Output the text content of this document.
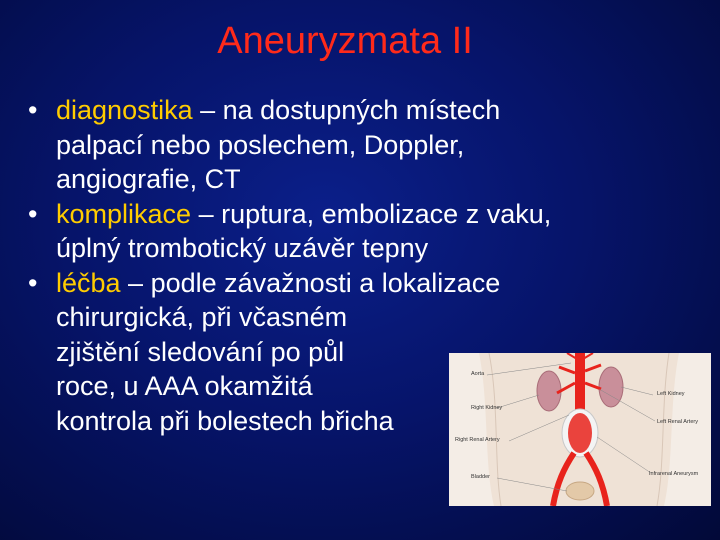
Aneuryzmata II
• diagnostika – na dostupných místech
palpací nebo poslechem, Doppler,
angiografie, CT
• komplikace – ruptura, embolizace z vaku,
úplný trombotický uzávěr tepny
• léčba – podle závažnosti a lokalizace
chirurgická, při včasném
zjištění sledování po půl
roce, u AAA okamžitá
kontrola při bolestech břicha
Aorta
Right Kidney
Right Renal Artery
Bladder
Left Kidney
Left Renal Artery
Infrarenal Aneurysm
